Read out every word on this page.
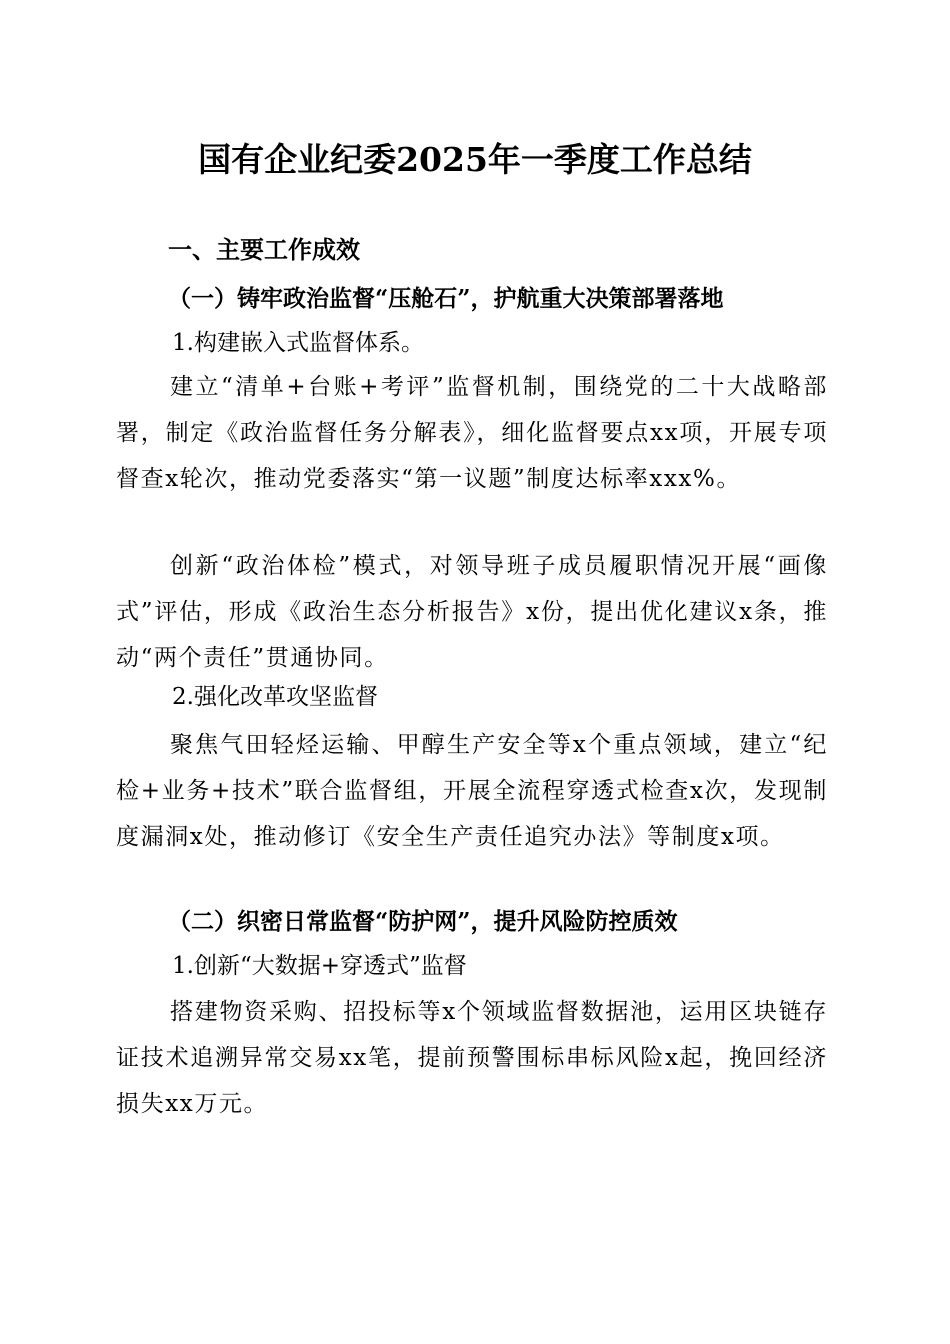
国有企业纪委2025年一季度工作总结
一、主要工作成效
（一）铸牢政治监督“压舱石”，护航重大决策部署落地
1.构建嵌入式监督体系。

建立“清单+台账+考评”监督机制，围绕党的二十大战略部署，制定《政治监督任务分解表》，细化监督要点xx项，开展专项督查x轮次，推动党委落实“第一议题”制度达标率xxx%。

创新“政治体检”模式，对领导班子成员履职情况开展“画像式”评估，形成《政治生态分析报告》x份，提出优化建议x条，推动“两个责任”贯通协同。

2.强化改革攻坚监督

聚焦气田轻烃运输、甲醇生产安全等x个重点领域，建立“纪检+业务+技术”联合监督组，开展全流程穿透式检查x次，发现制度漏洞x处，推动修订《安全生产责任追究办法》等制度x项。

（二）织密日常监督“防护网”，提升风险防控质效
1.创新“大数据+穿透式”监督

搭建物资采购、招投标等x个领域监督数据池，运用区块链存证技术追溯异常交易xx笔，提前预警围标串标风险x起，挽回经济损失xx万元。
